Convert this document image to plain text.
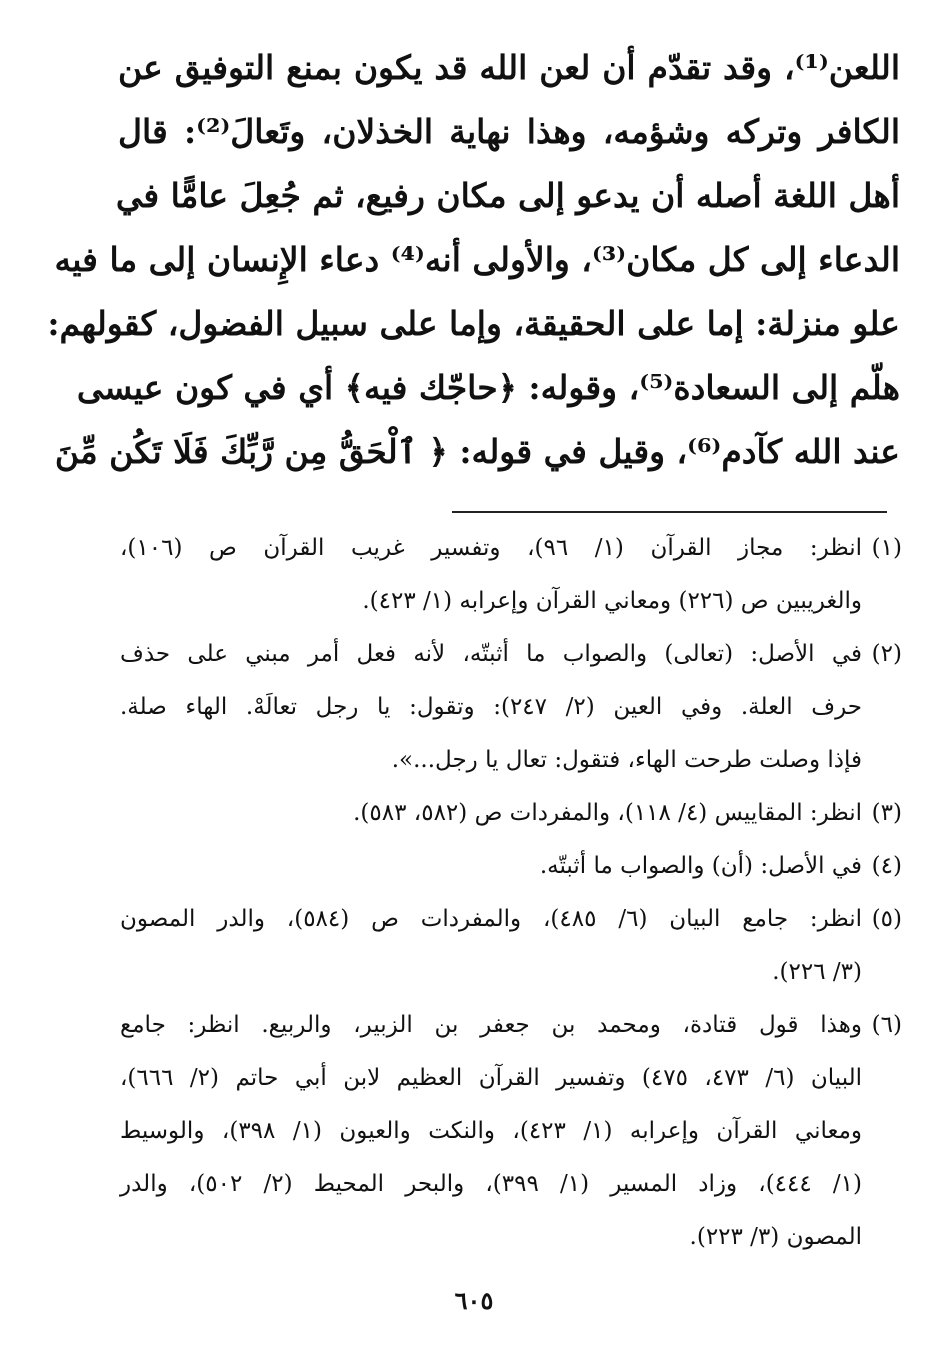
اللعن⁽¹⁾، وقد تقدّم أن لعن الله قد يكون بمنع التوفيق عن
الكافر وتركه وشؤمه، وهذا نهاية الخذلان، وتَعالَ⁽²⁾: قال
أهل اللغة أصله أن يدعو إلى مكان رفيع، ثم جُعِلَ عامًّا في
الدعاء إلى كل مكان⁽³⁾، والأولى أنه⁽⁴⁾ دعاء الإِنسان إلى ما فيه
علو منزلة: إما على الحقيقة، وإما على سبيل الفضول، كقولهم:
هلّم إلى السعادة⁽⁵⁾، وقوله: ﴿حاجّك فيه﴾ أي في كون عيسى
عند الله كآدم⁽⁶⁾، وقيل في قوله: ﴿ ٱلْحَقُّ مِن رَّبِّكَ فَلَا تَكُن مِّنَ
(١)انظر: مجاز القرآن (١/ ٩٦)، وتفسير غريب القرآن ص (١٠٦)،
والغريبين ص (٢٢٦) ومعاني القرآن وإعرابه (١/ ٤٢٣).
(٢)في الأصل: (تعالى) والصواب ما أثبتّه، لأنه فعل أمر مبني على حذف
حرف العلة. وفي العين (٢/ ٢٤٧): وتقول: يا رجل تعالَهْ. الهاء صلة.
فإذا وصلت طرحت الهاء، فتقول: تعال يا رجل...».
(٣)انظر: المقاييس (٤/ ١١٨)، والمفردات ص (٥٨٢، ٥٨٣).
(٤)في الأصل: (أن) والصواب ما أثبتّه.
(٥)انظر: جامع البيان (٦/ ٤٨٥)، والمفردات ص (٥٨٤)، والدر المصون
(٣/ ٢٢٦).
(٦)وهذا قول قتادة، ومحمد بن جعفر بن الزبير، والربيع. انظر: جامع
البيان (٦/ ٤٧٣، ٤٧٥) وتفسير القرآن العظيم لابن أبي حاتم (٢/ ٦٦٦)،
ومعاني القرآن وإعرابه (١/ ٤٢٣)، والنكت والعيون (١/ ٣٩٨)، والوسيط
(١/ ٤٤٤)، وزاد المسير (١/ ٣٩٩)، والبحر المحيط (٢/ ٥٠٢)، والدر
المصون (٣/ ٢٢٣).
٦٠٥
